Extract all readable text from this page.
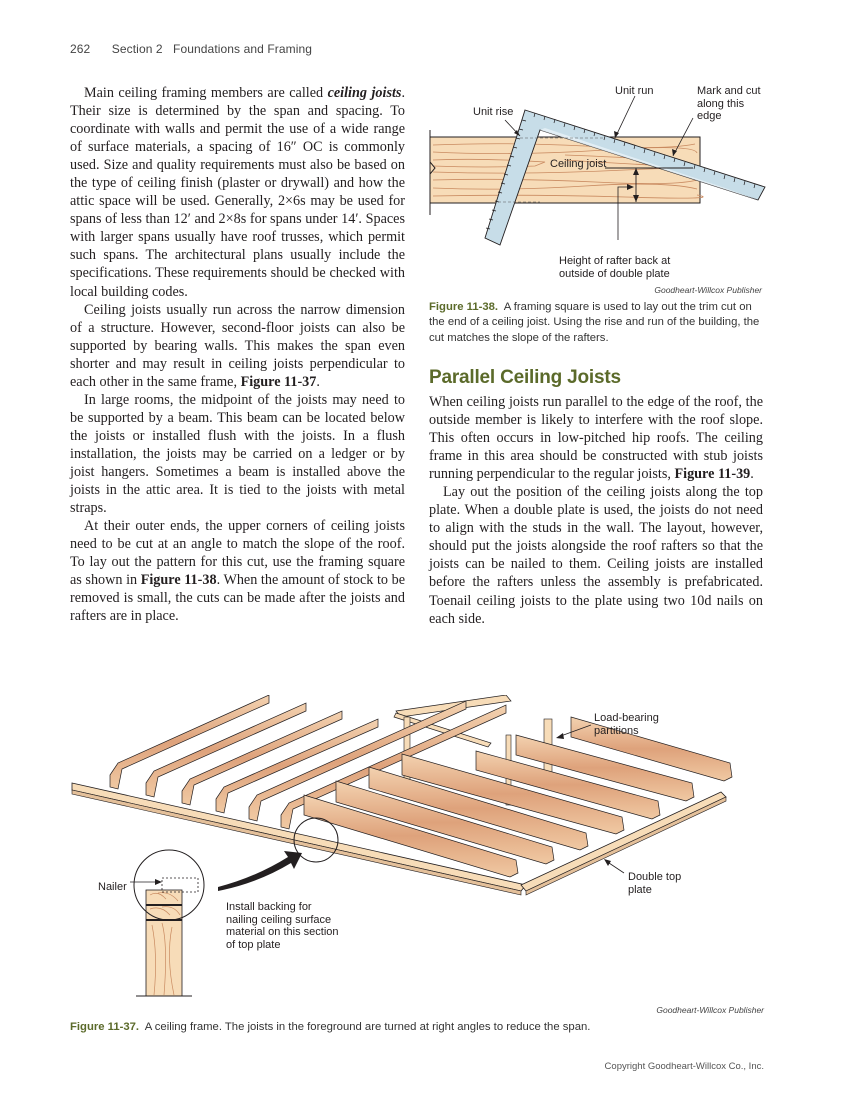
262 Section 2 Foundations and Framing

Main ceiling framing members are called ceiling joists. Their size is determined by the span and spacing. To coordinate with walls and permit the use of a wide range of surface materials, a spacing of 16″ OC is commonly used. Size and quality requirements must also be based on the type of ceiling finish (plaster or drywall) and how the attic space will be used. Generally, 2×6s may be used for spans of less than 12′ and 2×8s for spans under 14′. Spaces with larger spans usually have roof trusses, which permit such spans. The architectural plans usually include the specifications. These requirements should be checked with local building codes.

Ceiling joists usually run across the narrow dimension of a structure. However, second-floor joists can also be supported by bearing walls. This makes the span even shorter and may result in ceiling joists perpendicular to each other in the same frame, Figure 11-37.

In large rooms, the midpoint of the joists may need to be supported by a beam. This beam can be located below the joists or installed flush with the joists. In a flush installation, the joists may be carried on a ledger or by joist hangers. Sometimes a beam is installed above the joists in the attic area. It is tied to the joists with metal straps.

At their outer ends, the upper corners of ceiling joists need to be cut at an angle to match the slope of the roof. To lay out the pattern for this cut, use the framing square as shown in Figure 11-38. When the amount of stock to be removed is small, the cuts can be made after the joists and rafters are in place.

Unit rise
Unit run	Mark and cut
along this
edge
Ceiling joist
Height of rafter back at
outside of double plate
Goodheart-Willcox Publisher
Figure 11-38. A framing square is used to lay out the trim cut on the end of a ceiling joist. Using the rise and run of the building, the cut matches the slope of the rafters.
Parallel Ceiling Joists

When ceiling joists run parallel to the edge of the roof, the outside member is likely to interfere with the roof slope. This often occurs in low-pitched hip roofs. The ceiling frame in this area should be constructed with stub joists running perpendicular to the regular joists, Figure 11-39.

Lay out the position of the ceiling joists along the top plate. When a double plate is used, the joists do not need to align with the studs in the wall. The layout, however, should put the joists alongside the roof rafters so that the joists can be nailed to them. Ceiling joists are installed before the rafters unless the assembly is prefabricated. Toenail ceiling joists to the plate using two 10d nails on each side.

Load-bearing
partitions
Double top
plate
Nailer
Install backing for
nailing ceiling surface
material on this section
of top plate
Goodheart-Willcox Publisher
Figure 11-37. A ceiling frame. The joists in the foreground are turned at right angles to reduce the span.
Copyright Goodheart-Willcox Co., Inc.
